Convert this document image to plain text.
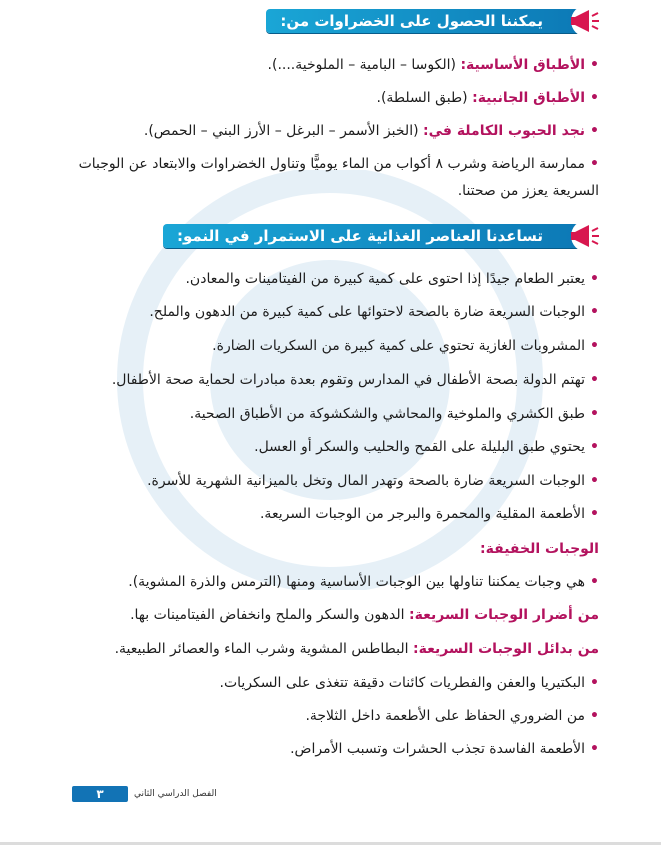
يمكننا الحصول على الخضراوات من:
•الأطباق الأساسية: (الكوسا – البامية – الملوخية....).
•الأطباق الجانبية: (طبق السلطة).
•نجد الحبوب الكاملة في: (الخبز الأسمر – البرغل – الأرز البني – الحمص).
•ممارسة الرياضة وشرب ٨ أكواب من الماء يوميًّا وتناول الخضراوات والابتعاد عن الوجبات السريعة يعزز من صحتنا.
تساعدنا العناصر الغذائية على الاستمرار في النمو:
•يعتبر الطعام جيدًا إذا احتوى على كمية كبيرة من الفيتامينات والمعادن.
•الوجبات السريعة ضارة بالصحة لاحتوائها على كمية كبيرة من الدهون والملح.
•المشروبات الغازية تحتوي على كمية كبيرة من السكريات الضارة.
•تهتم الدولة بصحة الأطفال في المدارس وتقوم بعدة مبادرات لحماية صحة الأطفال.
•طبق الكشري والملوخية والمحاشي والشكشوكة من الأطباق الصحية.
•يحتوي طبق البليلة على القمح والحليب والسكر أو العسل.
•الوجبات السريعة ضارة بالصحة وتهدر المال وتخل بالميزانية الشهرية للأسرة.
•الأطعمة المقلية والمحمرة والبرجر من الوجبات السريعة.
الوجبات الخفيفة:
•هي وجبات يمكننا تناولها بين الوجبات الأساسية ومنها (الترمس والذرة المشوية).
من أضرار الوجبات السريعة: الدهون والسكر والملح وانخفاض الفيتامينات بها.
من بدائل الوجبات السريعة: البطاطس المشوية وشرب الماء والعصائر الطبيعية.
•البكتيريا والعفن والفطريات كائنات دقيقة تتغذى على السكريات.
•من الضروري الحفاظ على الأطعمة داخل الثلاجة.
•الأطعمة الفاسدة تجذب الحشرات وتسبب الأمراض.
الفصل الدراسي الثاني
٣
